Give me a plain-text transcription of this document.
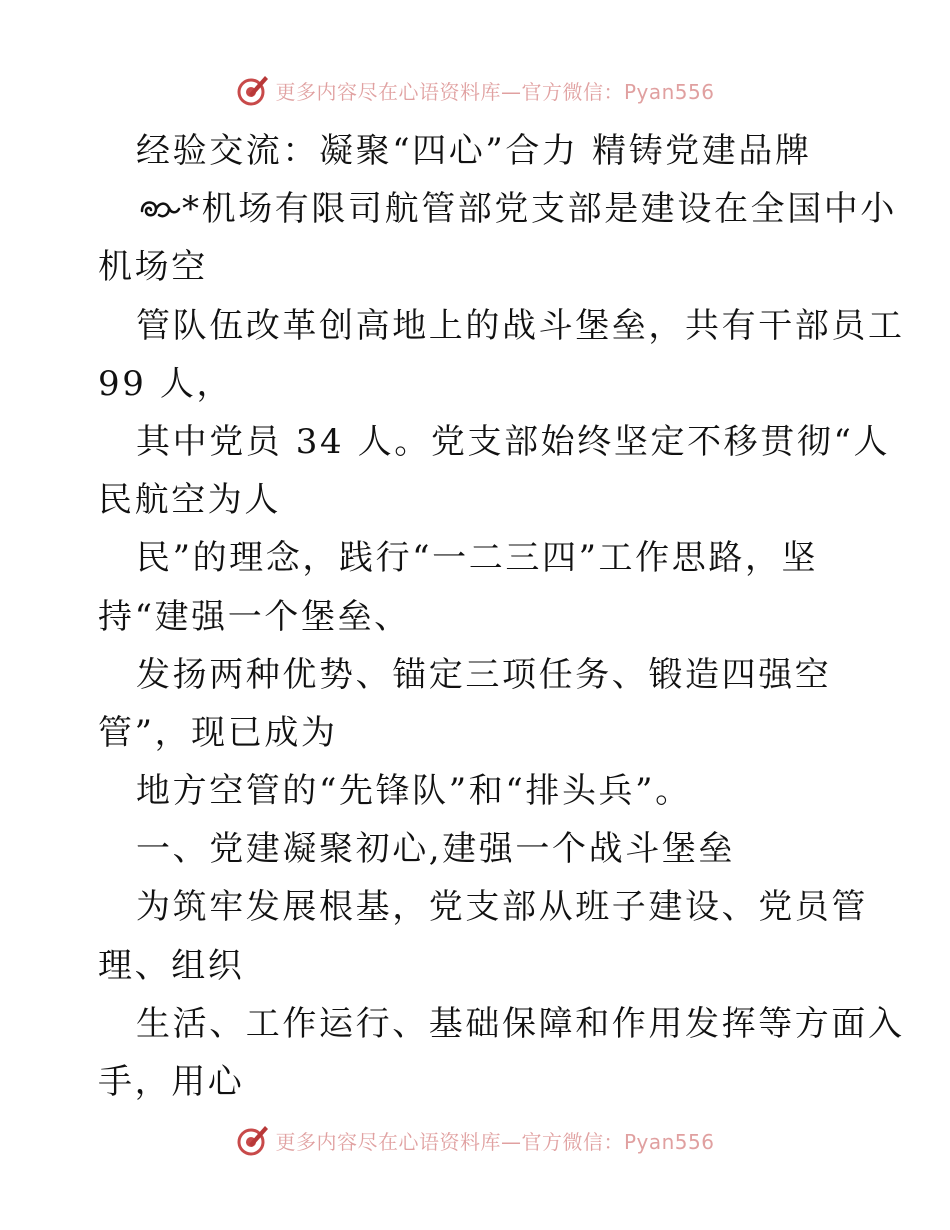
更多内容尽在心语资料库—官方微信：Pyan556
经验交流：凝聚“四心”合力 精铸党建品牌
*机场有限司航管部党支部是建设在全国中小
机场空
管队伍改革创高地上的战斗堡垒，共有干部员工
99 人，
其中党员 34 人。党支部始终坚定不移贯彻“人
民航空为人
民”的理念，践行“一二三四”工作思路，坚
持“建强一个堡垒、
发扬两种优势、锚定三项任务、锻造四强空
管”，现已成为
地方空管的“先锋队”和“排头兵”。
一、党建凝聚初心,建强一个战斗堡垒
为筑牢发展根基，党支部从班子建设、党员管
理、组织
生活、工作运行、基础保障和作用发挥等方面入
手，用心
更多内容尽在心语资料库—官方微信：Pyan556
